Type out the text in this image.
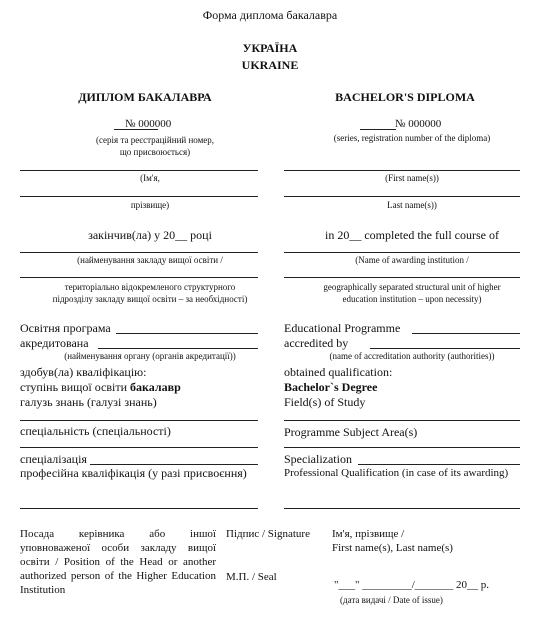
Форма диплома бакалавра
УКРАЇНА
UKRAINE
ДИПЛОМ БАКАЛАВРА	BACHELOR'S DIPLOMA
№ 000000
(серія та реєстраційний номер,
що присвоюється)
№ 000000
(series, registration number of the diploma)
(Ім'я,	(First name(s))
прізвище)	Last name(s))
закінчив(ла) у 20__ році	in 20__ completed the full course of
(найменування закладу вищої освіти /	(Name of awarding institution /
територіально відокремленого структурного
підрозділу закладу вищої освіти – за необхідності)
geographically separated structural unit of higher
education institution – upon necessity)
Освітня програма
акредитована
(найменування органу (органів акредитації))
Educational Programme
accredited by
(name of accreditation authority (authorities))
здобув(ла) кваліфікацію:
ступінь вищої освіти бакалавр
галузь знань (галузі знань)
obtained qualification:
Bachelor`s Degree
Field(s) of Study
спеціальність (спеціальності)	Programme Subject Area(s)
спеціалізація
професійна кваліфікація (у разі присвоєння)
Specialization
Professional Qualification (in case of its awarding)
Посада керівника або іншої уповноваженої особи закладу вищої освіти / Position of the Head or another authorized person of the Higher Education Institution
Підпис / Signature Ім'я, прізвище /
First name(s), Last name(s)
М.П. / Seal
"___" _________/_______ 20__ р.
(дата видачі / Date of issue)
